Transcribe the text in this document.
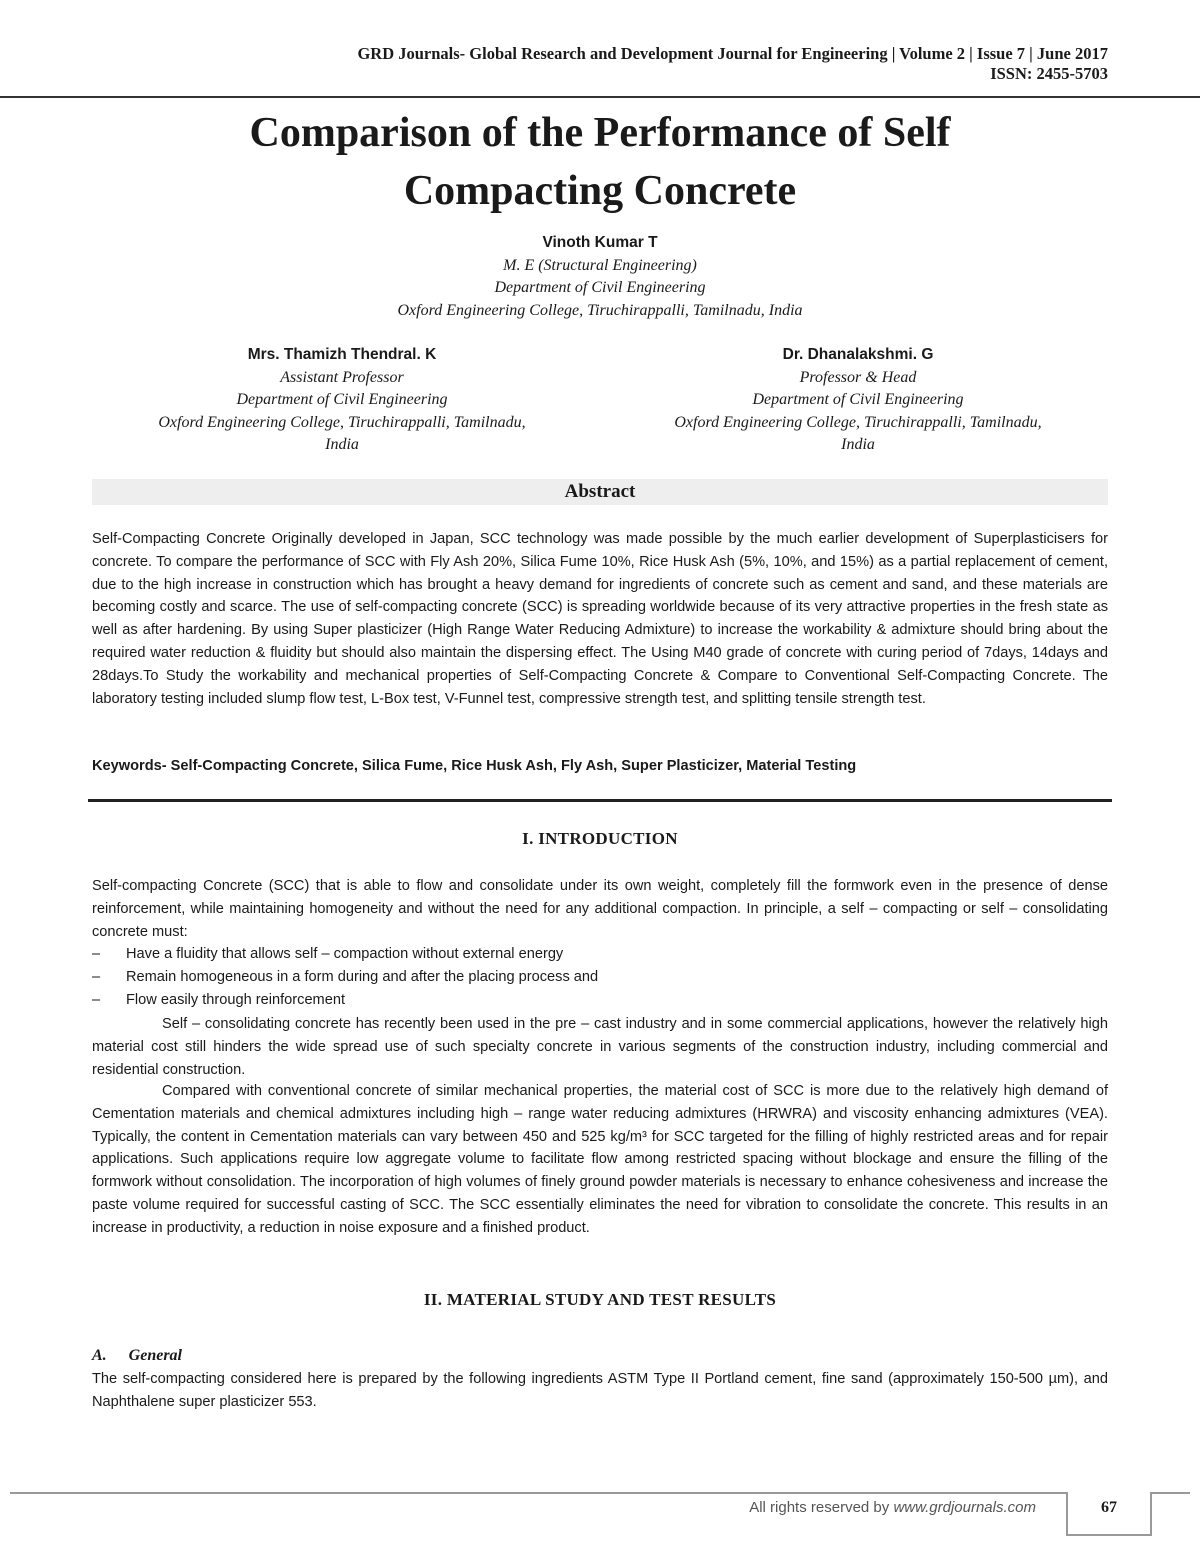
GRD Journals- Global Research and Development Journal for Engineering | Volume 2 | Issue 7 | June 2017
ISSN: 2455-5703
Comparison of the Performance of Self
Compacting Concrete
Vinoth Kumar T
M. E (Structural Engineering)
Department of Civil Engineering
Oxford Engineering College, Tiruchirappalli, Tamilnadu, India
Mrs. Thamizh Thendral. K
Assistant Professor
Department of Civil Engineering
Oxford Engineering College, Tiruchirappalli, Tamilnadu,
India
Dr. Dhanalakshmi. G
Professor & Head
Department of Civil Engineering
Oxford Engineering College, Tiruchirappalli, Tamilnadu,
India
Abstract

Self-Compacting Concrete Originally developed in Japan, SCC technology was made possible by the much earlier development of Superplasticisers for concrete. To compare the performance of SCC with Fly Ash 20%, Silica Fume 10%, Rice Husk Ash (5%, 10%, and 15%) as a partial replacement of cement, due to the high increase in construction which has brought a heavy demand for ingredients of concrete such as cement and sand, and these materials are becoming costly and scarce. The use of self-compacting concrete (SCC) is spreading worldwide because of its very attractive properties in the fresh state as well as after hardening. By using Super plasticizer (High Range Water Reducing Admixture) to increase the workability & admixture should bring about the required water reduction & fluidity but should also maintain the dispersing effect. The Using M40 grade of concrete with curing period of 7days, 14days and 28days.To Study the workability and mechanical properties of Self-Compacting Concrete & Compare to Conventional Self-Compacting Concrete. The laboratory testing included slump flow test, L-Box test, V-Funnel test, compressive strength test, and splitting tensile strength test.

Keywords- Self-Compacting Concrete, Silica Fume, Rice Husk Ash, Fly Ash, Super Plasticizer, Material Testing

I. INTRODUCTION

Self-compacting Concrete (SCC) that is able to flow and consolidate under its own weight, completely fill the formwork even in the presence of dense reinforcement, while maintaining homogeneity and without the need for any additional compaction. In principle, a self – compacting or self – consolidating concrete must:

–	Have a fluidity that allows self – compaction without external energy
–	Remain homogeneous in a form during and after the placing process and
–	Flow easily through reinforcement

Self – consolidating concrete has recently been used in the pre – cast industry and in some commercial applications, however the relatively high material cost still hinders the wide spread use of such specialty concrete in various segments of the construction industry, including commercial and residential construction.

Compared with conventional concrete of similar mechanical properties, the material cost of SCC is more due to the relatively high demand of Cementation materials and chemical admixtures including high – range water reducing admixtures (HRWRA) and viscosity enhancing admixtures (VEA). Typically, the content in Cementation materials can vary between 450 and 525 kg/m³ for SCC targeted for the filling of highly restricted areas and for repair applications. Such applications require low aggregate volume to facilitate flow among restricted spacing without blockage and ensure the filling of the formwork without consolidation. The incorporation of high volumes of finely ground powder materials is necessary to enhance cohesiveness and increase the paste volume required for successful casting of SCC. The SCC essentially eliminates the need for vibration to consolidate the concrete. This results in an increase in productivity, a reduction in noise exposure and a finished product.

II. MATERIAL STUDY AND TEST RESULTS
A. General

The self-compacting considered here is prepared by the following ingredients ASTM Type II Portland cement, fine sand (approximately 150-500 µm), and Naphthalene super plasticizer 553.

All rights reserved by www.grdjournals.com	67
